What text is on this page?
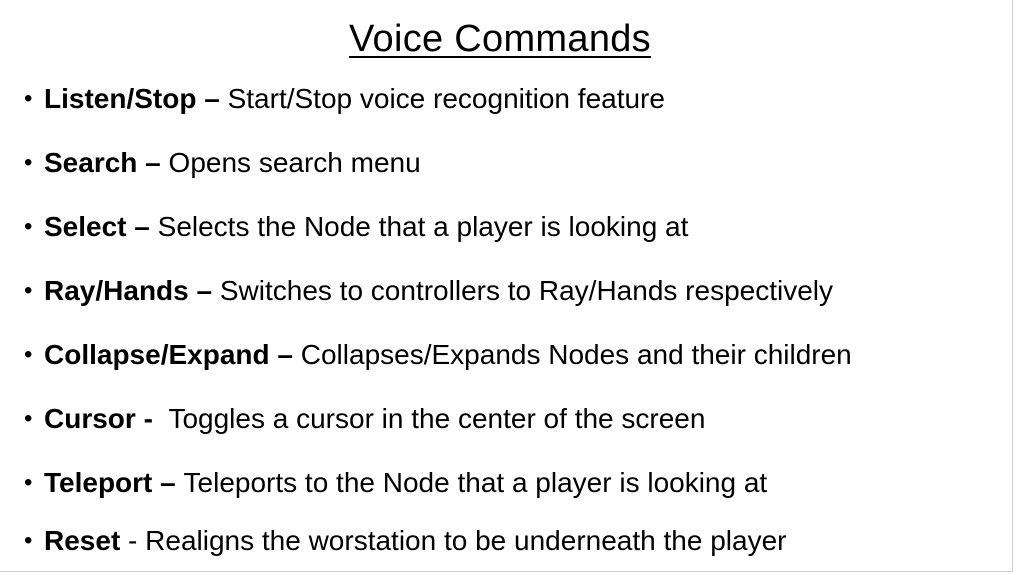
Voice Commands
• Listen/Stop – Start/Stop voice recognition feature
• Search – Opens search menu
• Select – Selects the Node that a player is looking at
• Ray/Hands – Switches to controllers to Ray/Hands respectively
• Collapse/Expand – Collapses/Expands Nodes and their children
• Cursor -  Toggles a cursor in the center of the screen
• Teleport – Teleports to the Node that a player is looking at
• Reset - Realigns the worstation to be underneath the player
